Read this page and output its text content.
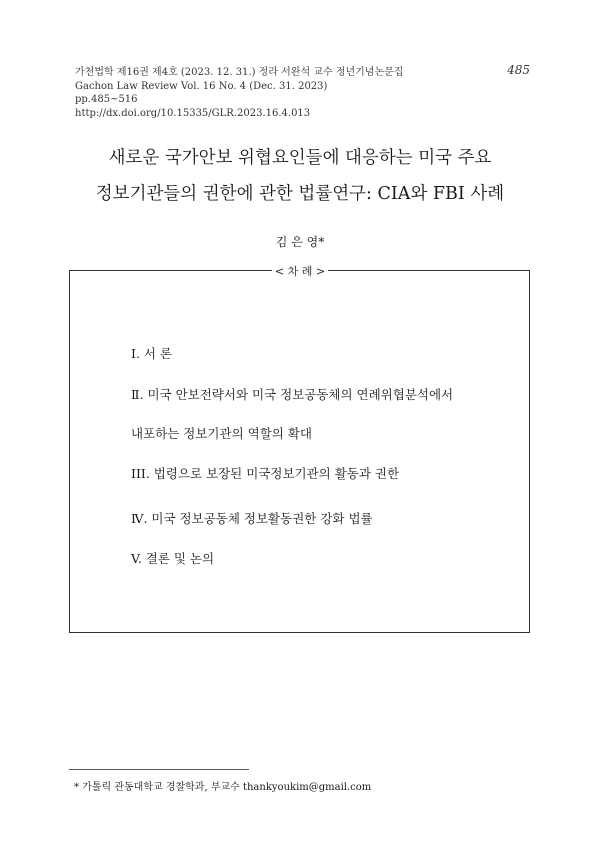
가천법학 제16권 제4호 (2023. 12. 31.) 정라 서완석 교수 정년기념논문집
Gachon Law Review Vol. 16 No. 4 (Dec. 31. 2023)
pp.485~516
http://dx.doi.org/10.15335/GLR.2023.16.4.013
485
새로운 국가안보 위협요인들에 대응하는 미국 주요
정보기관들의 권한에 관한 법률연구: CIA와 FBI 사례
김 은 영*
< 차 례 >
Ⅰ. 서 론
Ⅱ. 미국 안보전략서와 미국 정보공동체의 연례위협분석에서
내포하는 정보기관의 역할의 확대
III. 법령으로 보장된 미국정보기관의 활동과 권한
Ⅳ. 미국 정보공동체 정보활동권한 강화 법률
V. 결론 및 논의
* 가톨릭 관동대학교 경찰학과, 부교수 thankyoukim@gmail.com
